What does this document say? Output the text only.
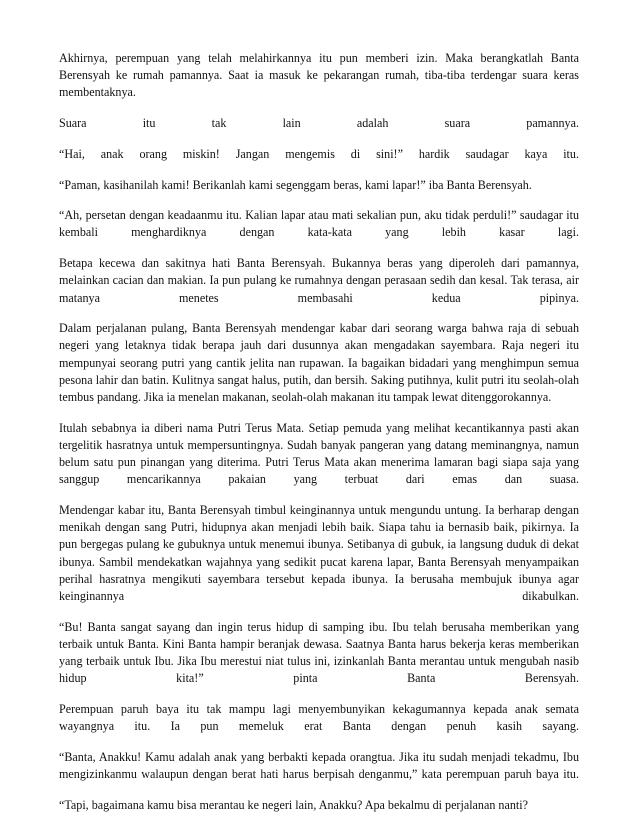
Akhirnya, perempuan yang telah melahirkannya itu pun memberi izin. Maka berangkatlah Banta Berensyah ke rumah pamannya. Saat ia masuk ke pekarangan rumah, tiba-tiba terdengar suara keras membentaknya.

Suara itu tak lain adalah suara pamannya.

“Hai, anak orang miskin! Jangan mengemis di sini!” hardik saudagar kaya itu.

“Paman, kasihanilah kami! Berikanlah kami segenggam beras, kami lapar!” iba Banta Berensyah.

“Ah, persetan dengan keadaanmu itu. Kalian lapar atau mati sekalian pun, aku tidak perduli!” saudagar itu kembali menghardiknya dengan kata-kata yang lebih kasar lagi.

Betapa kecewa dan sakitnya hati Banta Berensyah. Bukannya beras yang diperoleh dari pamannya, melainkan cacian dan makian. Ia pun pulang ke rumahnya dengan perasaan sedih dan kesal. Tak terasa, air matanya menetes membasahi kedua pipinya.

Dalam perjalanan pulang, Banta Berensyah mendengar kabar dari seorang warga bahwa raja di sebuah negeri yang letaknya tidak berapa jauh dari dusunnya akan mengadakan sayembara. Raja negeri itu mempunyai seorang putri yang cantik jelita nan rupawan. Ia bagaikan bidadari yang menghimpun semua pesona lahir dan batin. Kulitnya sangat halus, putih, dan bersih. Saking putihnya, kulit putri itu seolah-olah tembus pandang. Jika ia menelan makanan, seolah-olah makanan itu tampak lewat ditenggorokannya.

Itulah sebabnya ia diberi nama Putri Terus Mata. Setiap pemuda yang melihat kecantikannya pasti akan tergelitik hasratnya untuk mempersuntingnya. Sudah banyak pangeran yang datang meminangnya, namun belum satu pun pinangan yang diterima. Putri Terus Mata akan menerima lamaran bagi siapa saja yang sanggup mencarikannya pakaian yang terbuat dari emas dan suasa.

Mendengar kabar itu, Banta Berensyah timbul keinginannya untuk mengundu untung. Ia berharap dengan menikah dengan sang Putri, hidupnya akan menjadi lebih baik. Siapa tahu ia bernasib baik, pikirnya. Ia pun bergegas pulang ke gubuknya untuk menemui ibunya. Setibanya di gubuk, ia langsung duduk di dekat ibunya. Sambil mendekatkan wajahnya yang sedikit pucat karena lapar, Banta Berensyah menyampaikan perihal hasratnya mengikuti sayembara tersebut kepada ibunya. Ia berusaha membujuk ibunya agar keinginannya dikabulkan.

“Bu! Banta sangat sayang dan ingin terus hidup di samping ibu. Ibu telah berusaha memberikan yang terbaik untuk Banta. Kini Banta hampir beranjak dewasa. Saatnya Banta harus bekerja keras memberikan yang terbaik untuk Ibu. Jika Ibu merestui niat tulus ini, izinkanlah Banta merantau untuk mengubah nasib hidup kita!” pinta Banta Berensyah.

Perempuan paruh baya itu tak mampu lagi menyembunyikan kekagumannya kepada anak semata wayangnya itu. Ia pun memeluk erat Banta dengan penuh kasih sayang.

“Banta, Anakku! Kamu adalah anak yang berbakti kepada orangtua. Jika itu sudah menjadi tekadmu, Ibu mengizinkanmu walaupun dengan berat hati harus berpisah denganmu,” kata perempuan paruh baya itu.

“Tapi, bagaimana kamu bisa merantau ke negeri lain, Anakku? Apa bekalmu di perjalanan nanti?
